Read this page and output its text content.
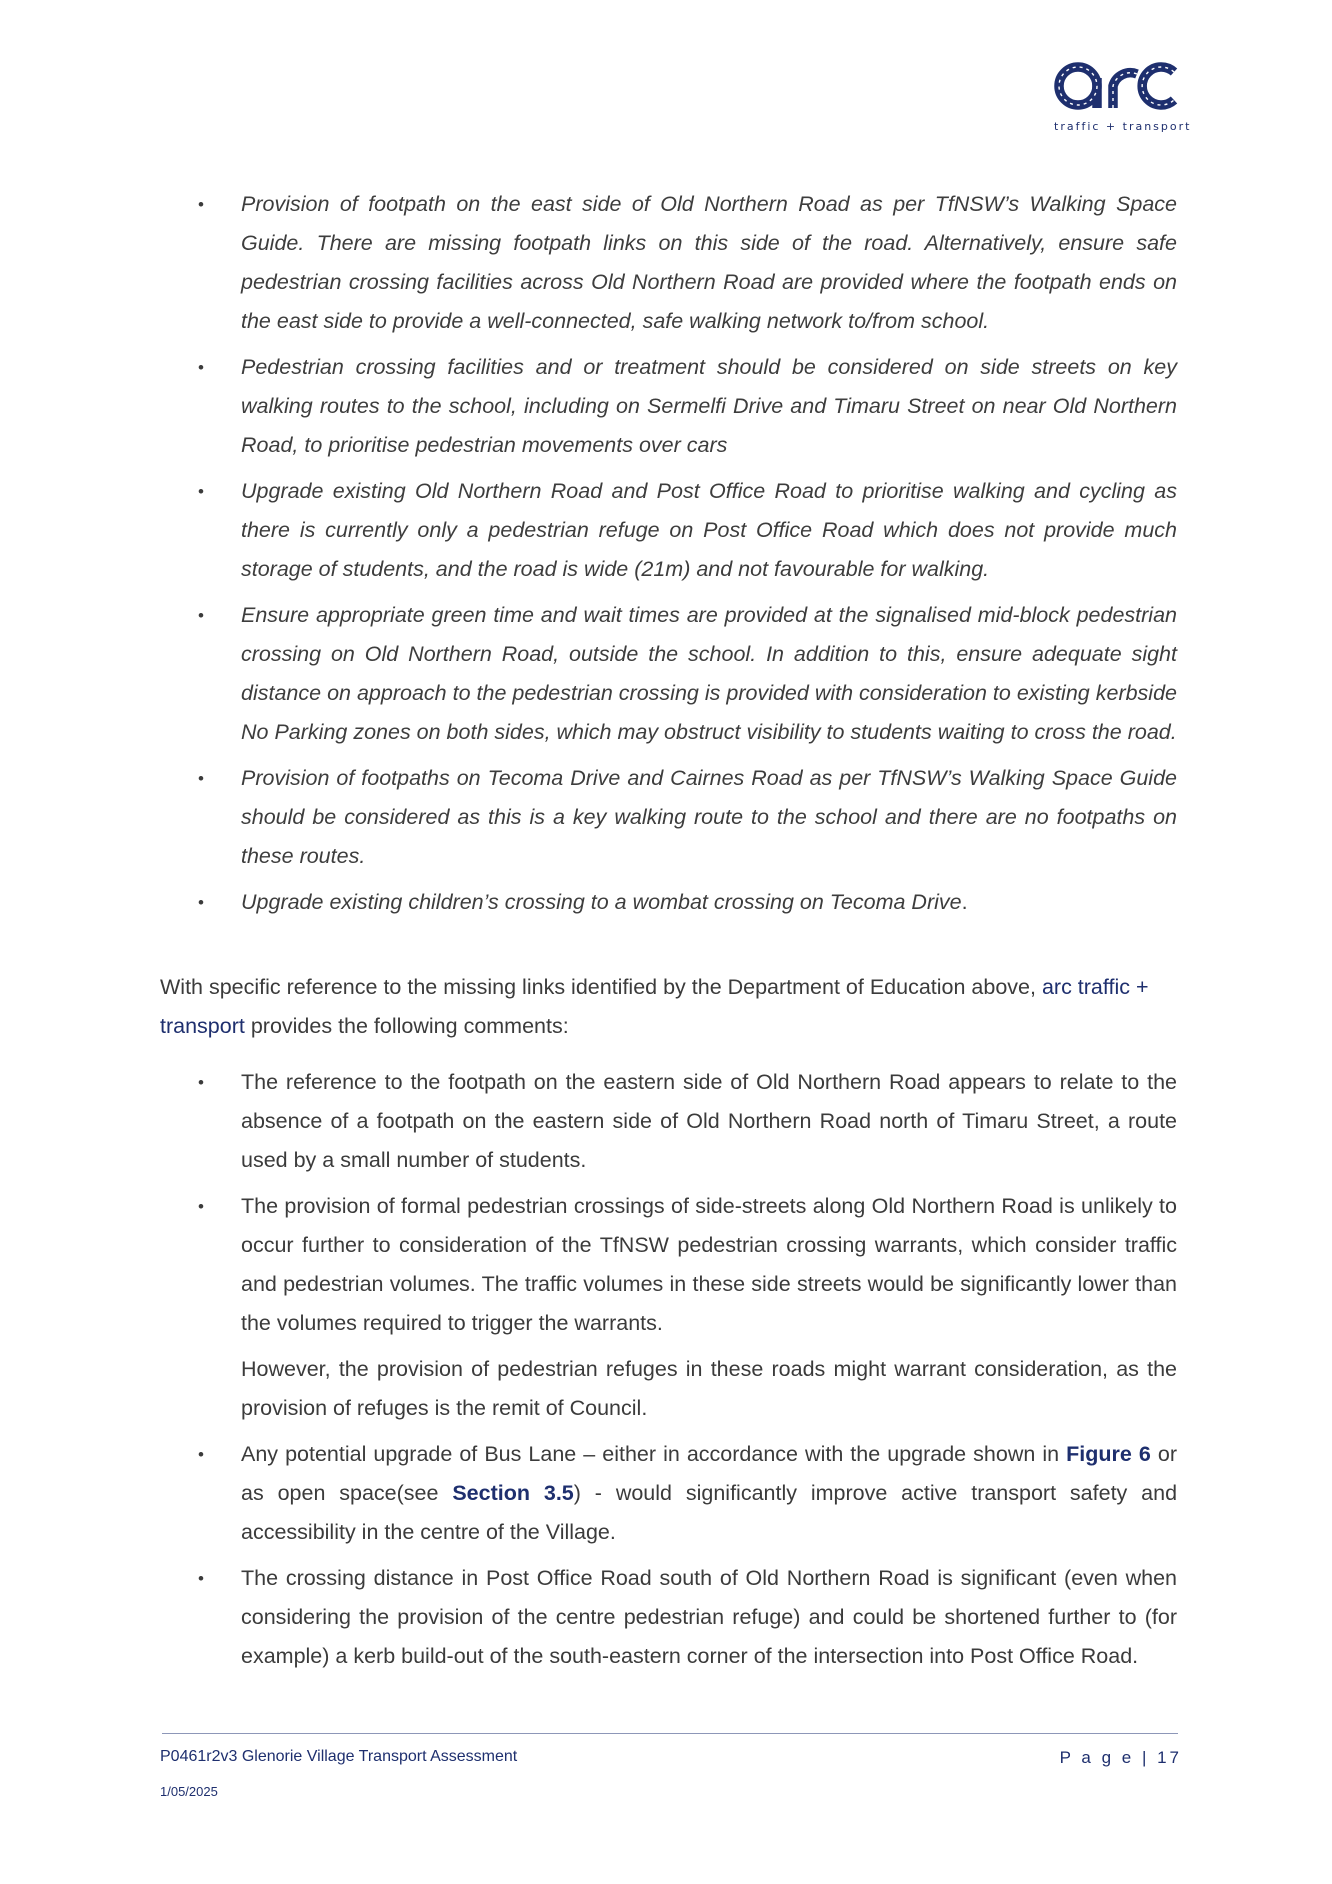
traffic + transport
• Provision of footpath on the east side of Old Northern Road as per TfNSW’s Walking Space Guide. There are missing footpath links on this side of the road. Alternatively, ensure safe pedestrian crossing facilities across Old Northern Road are provided where the footpath ends on the east side to provide a well-connected, safe walking network to/from school.
• Pedestrian crossing facilities and or treatment should be considered on side streets on key walking routes to the school, including on Sermelfi Drive and Timaru Street on near Old Northern Road, to prioritise pedestrian movements over cars
• Upgrade existing Old Northern Road and Post Office Road to prioritise walking and cycling as there is currently only a pedestrian refuge on Post Office Road which does not provide much storage of students, and the road is wide (21m) and not favourable for walking.
• Ensure appropriate green time and wait times are provided at the signalised mid-block pedestrian crossing on Old Northern Road, outside the school. In addition to this, ensure adequate sight distance on approach to the pedestrian crossing is provided with consideration to existing kerbside No Parking zones on both sides, which may obstruct visibility to students waiting to cross the road.
• Provision of footpaths on Tecoma Drive and Cairnes Road as per TfNSW’s Walking Space Guide should be considered as this is a key walking route to the school and there are no footpaths on these routes.
• Upgrade existing children’s crossing to a wombat crossing on Tecoma Drive.

With specific reference to the missing links identified by the Department of Education above, arc traffic + transport provides the following comments:

• The reference to the footpath on the eastern side of Old Northern Road appears to relate to the absence of a footpath on the eastern side of Old Northern Road north of Timaru Street, a route used by a small number of students.
• The provision of formal pedestrian crossings of side-streets along Old Northern Road is unlikely to occur further to consideration of the TfNSW pedestrian crossing warrants, which consider traffic and pedestrian volumes. The traffic volumes in these side streets would be significantly lower than the volumes required to trigger the warrants.
However, the provision of pedestrian refuges in these roads might warrant consideration, as the provision of refuges is the remit of Council.
• Any potential upgrade of Bus Lane – either in accordance with the upgrade shown in Figure 6 or as open space(see Section 3.5) - would significantly improve active transport safety and accessibility in the centre of the Village.
• The crossing distance in Post Office Road south of Old Northern Road is significant (even when considering the provision of the centre pedestrian refuge) and could be shortened further to (for example) a kerb build-out of the south-eastern corner of the intersection into Post Office Road.
P0461r2v3 Glenorie Village Transport Assessment
1/05/2025
P a g e | 17
